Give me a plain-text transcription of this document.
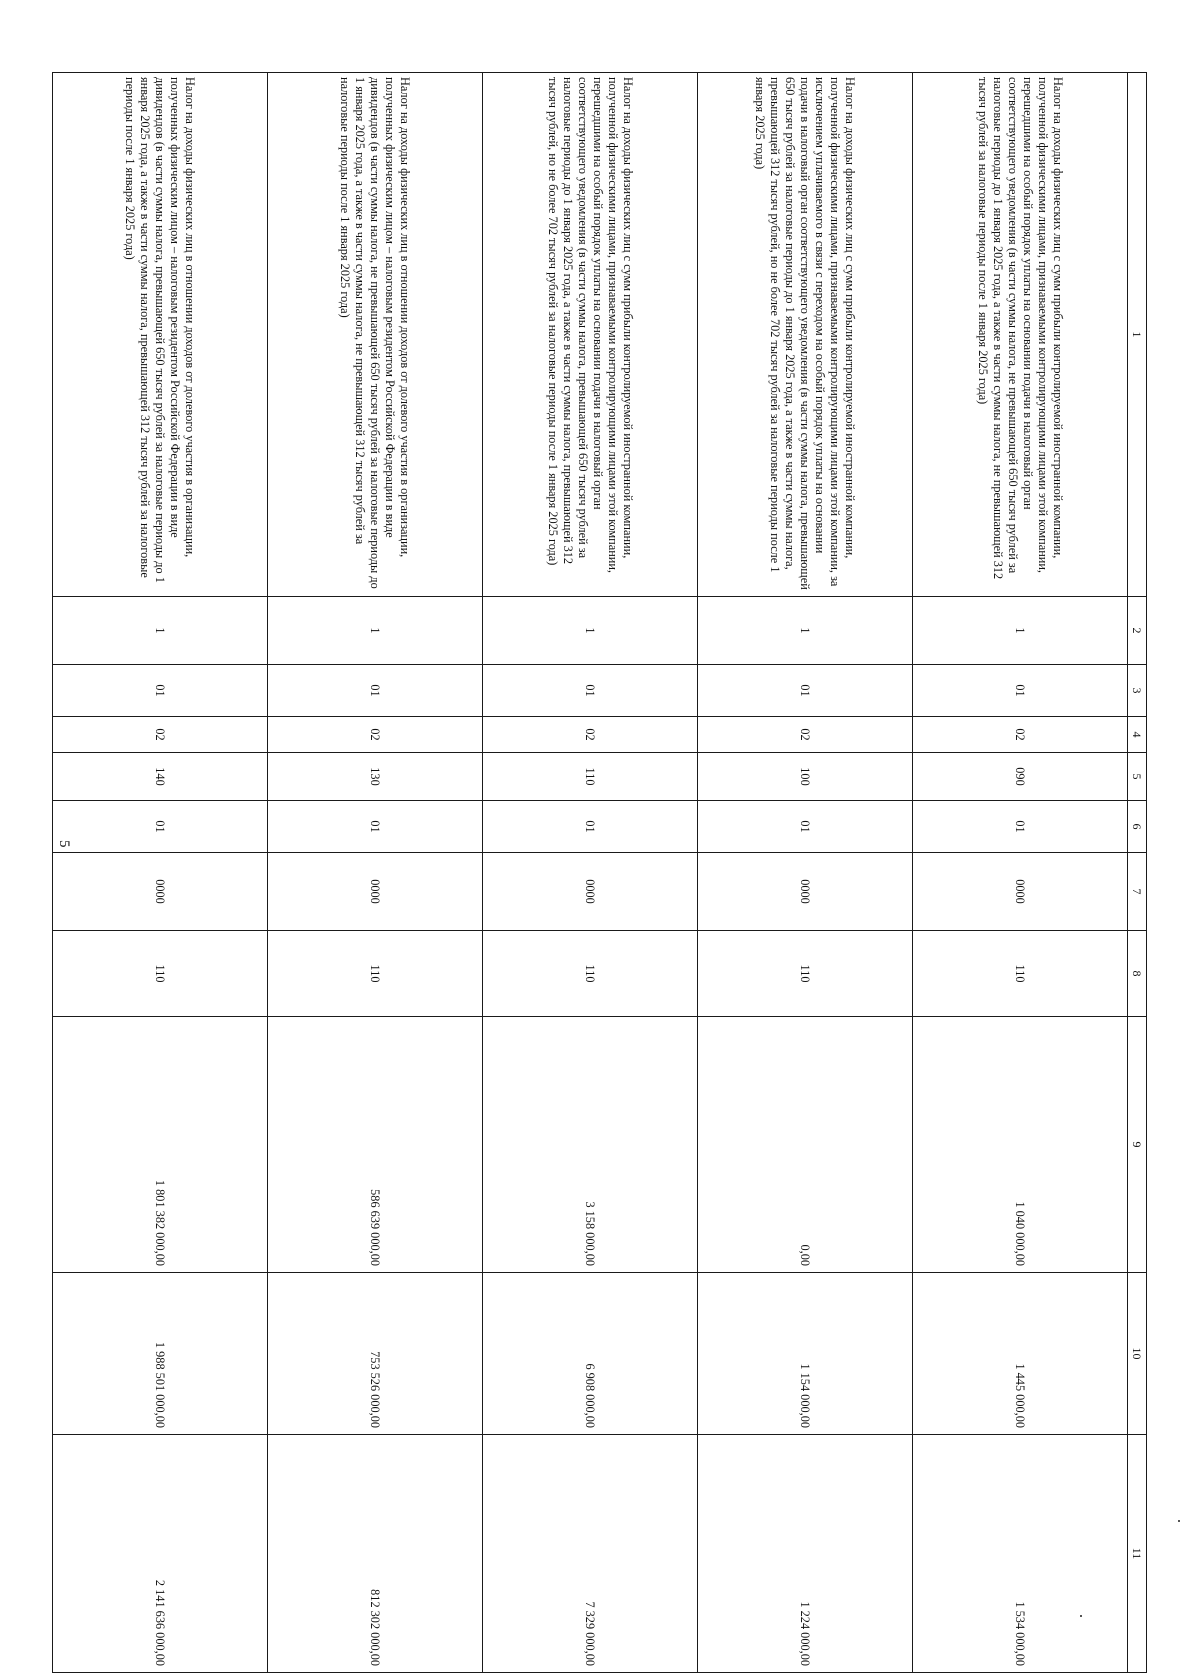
5
1	2	3	4	5	6	7	8	9	10	11
Налог на доходы физических лиц с сумм прибыли контролируемой иностранной компании, полученной физическими лицами, признаваемыми контролирующими лицами этой компании, перешедшими на особый порядок уплаты на основании подачи в налоговый орган соответствующего уведомления (в части суммы налога, не превышающей 650 тысяч рублей за налоговые периоды до 1 января 2025 года, а также в части суммы налога, не превышающей 312 тысяч рублей за налоговые периоды после 1 января 2025 года)	1	01	02	090	01	0000	110	1 040 000,00	1 445 000,00	1 534 000,00
Налог на доходы физических лиц с сумм прибыли контролируемой иностранной компании, полученной физическими лицами, признаваемыми контролирующими лицами этой компании, за исключением уплачиваемого в связи с переходом на особый порядок уплаты на основании подачи в налоговый орган соответствующего уведомления (в части суммы налога, превышающей 650 тысяч рублей за налоговые периоды до 1 января 2025 года, а также в части суммы налога, превышающей 312 тысяч рублей, но не более 702 тысяч рублей за налоговые периоды после 1 января 2025 года)	1	01	02	100	01	0000	110	0,00	1 154 000,00	1 224 000,00
Налог на доходы физических лиц с сумм прибыли контролируемой иностранной компании, полученной физическими лицами, признаваемыми контролирующими лицами этой компании, перешедшими на особый порядок уплаты на основании подачи в налоговый орган соответствующего уведомления (в части суммы налога, превышающей 650 тысяч рублей за налоговые периоды до 1 января 2025 года, а также в части суммы налога, превышающей 312 тысяч рублей, но не более 702 тысяч рублей за налоговые периоды после 1 января 2025 года)	1	01	02	110	01	0000	110	3 158 000,00	6 908 000,00	7 329 000,00
Налог на доходы физических лиц в отношении доходов от долевого участия в организации, полученных физическим лицом – налоговым резидентом Российской Федерации в виде дивидендов (в части суммы налога, не превышающей 650 тысяч рублей за налоговые периоды до 1 января 2025 года, а также в части суммы налога, не превышающей 312 тысяч рублей за налоговые периоды после 1 января 2025 года)	1	01	02	130	01	0000	110	586 639 000,00	753 526 000,00	812 302 000,00
Налог на доходы физических лиц в отношении доходов от долевого участия в организации, полученных физическим лицом – налоговым резидентом Российской Федерации в виде дивидендов (в части суммы налога, превышающей 650 тысяч рублей за налоговые периоды до 1 января 2025 года, а также в части суммы налога, превышающей 312 тысяч рублей за налоговые периоды после 1 января 2025 года)	1	01	02	140	01	0000	110	1 801 382 000,00	1 988 501 000,00	2 141 636 000,00
